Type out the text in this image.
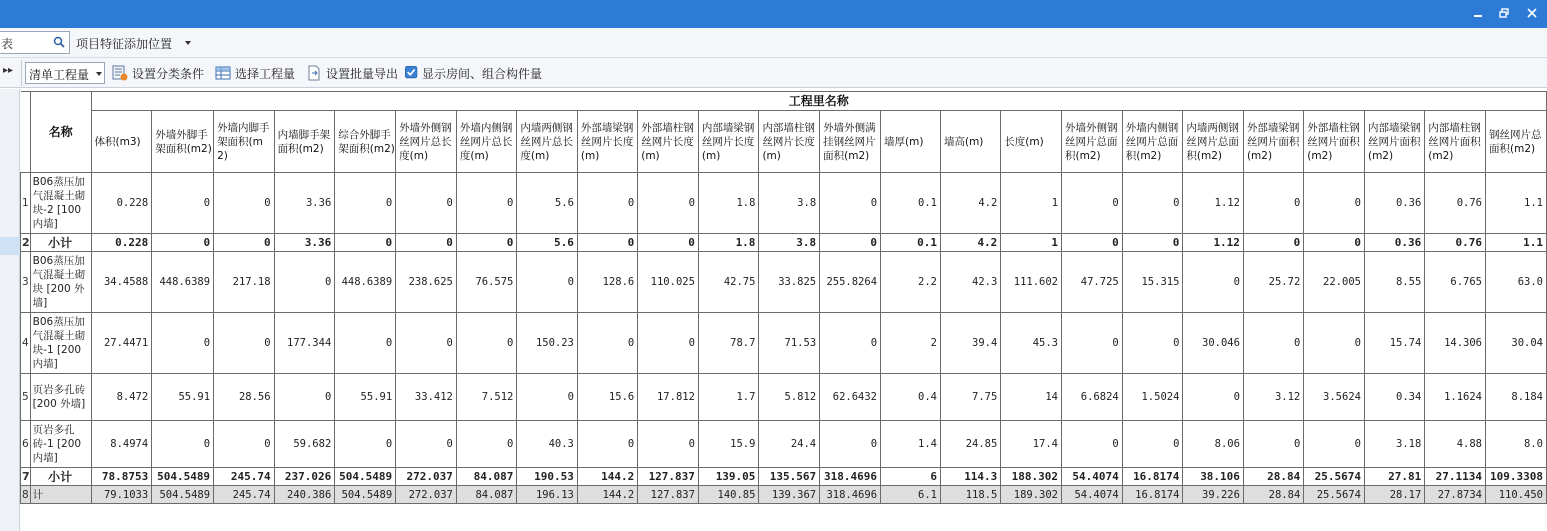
表	项目特征添加位置
▸▸ 清单工程量	设置分类条件	选择工程量	设置批量导出 显示房间、组合构件量
	名称	工程里名称																							
		体积(m3)	外墙外脚手架面积(m2)	外墙内脚手架面积(m2)	内墙脚手架面积(m2)	综合外脚手架面积(m2)	外墙外侧钢丝网片总长度(m)	外墙内侧钢丝网片总长度(m)	内墙两侧钢丝网片总长度(m)	外部墙梁钢丝网片长度(m)	外部墙柱钢丝网片长度(m)	内部墙梁钢丝网片长度(m)	内部墙柱钢丝网片长度(m)	外墙外侧满挂钢丝网片面积(m2)	墙厚(m)	墙高(m)	长度(m)	外墙外侧钢丝网片总面积(m2)	外墙内侧钢丝网片总面积(m2)	内墙两侧钢丝网片总面积(m2)	外部墙梁钢丝网片面积(m2)	外部墙柱钢丝网片面积(m2)	内部墙梁钢丝网片面积(m2)	内部墙柱钢丝网片面积(m2)	钢丝网片总面积(m2)
1	B06蒸压加气混凝土砌块-2 [100 内墙]	0.228	0	0	3.36	0	0	0	5.6	0	0	1.8	3.8	0	0.1	4.2	1	0	0	1.12	0	0	0.36	0.76	1.1
2	小计	0.228	0	0	3.36	0	0	0	5.6	0	0	1.8	3.8	0	0.1	4.2	1	0	0	1.12	0	0	0.36	0.76	1.1
3	B06蒸压加气混凝土砌块 [200 外墙]	34.4588	448.6389	217.18	0	448.6389	238.625	76.575	0	128.6	110.025	42.75	33.825	255.8264	2.2	42.3	111.602	47.725	15.315	0	25.72	22.005	8.55	6.765	63.0
4	B06蒸压加气混凝土砌块-1 [200 内墙]	27.4471	0	0	177.344	0	0	0	150.23	0	0	78.7	71.53	0	2	39.4	45.3	0	0	30.046	0	0	15.74	14.306	30.04
5	页岩多孔砖 [200 外墙]	8.472	55.91	28.56	0	55.91	33.412	7.512	0	15.6	17.812	1.7	5.812	62.6432	0.4	7.75	14	6.6824	1.5024	0	3.12	3.5624	0.34	1.1624	8.184
6	页岩多孔砖-1 [200 内墙]	8.4974	0	0	59.682	0	0	0	40.3	0	0	15.9	24.4	0	1.4	24.85	17.4	0	0	8.06	0	0	3.18	4.88	8.0
7	小计	78.8753	504.5489	245.74	237.026	504.5489	272.037	84.087	190.53	144.2	127.837	139.05	135.567	318.4696	6	114.3	188.302	54.4074	16.8174	38.106	28.84	25.5674	27.81	27.1134	109.3308
8	计	79.1033	504.5489	245.74	240.386	504.5489	272.037	84.087	196.13	144.2	127.837	140.85	139.367	318.4696	6.1	118.5	189.302	54.4074	16.8174	39.226	28.84	25.5674	28.17	27.8734	110.450
